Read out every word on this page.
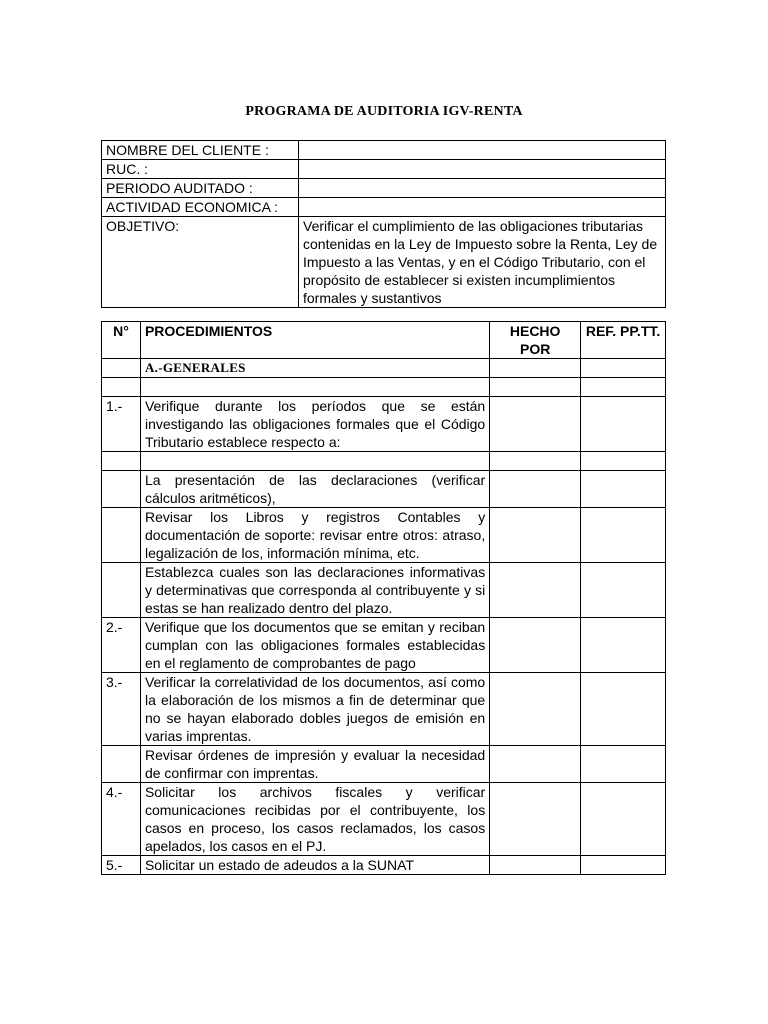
PROGRAMA DE AUDITORIA IGV-RENTA
NOMBRE DEL CLIENTE :	
RUC. :	
PERIODO AUDITADO :	
ACTIVIDAD ECONOMICA :	
OBJETIVO:	Verificar el cumplimiento de las obligaciones tributarias contenidas en la Ley de Impuesto sobre la Renta, Ley de Impuesto a las Ventas, y en el Código Tributario, con el propósito de establecer si existen incumplimientos formales y sustantivos
N°	PROCEDIMIENTOS	HECHO POR	REF. PP.TT.
	A.-GENERALES		

1.-	Verifique durante los períodos que se están investigando las obligaciones formales que el Código Tributario establece respecto a:		

	La presentación de las declaraciones (verificar cálculos aritméticos),		
	Revisar los Libros y registros Contables y documentación de soporte: revisar entre otros: atraso, legalización de los, información mínima, etc.		
	Establezca cuales son las declaraciones informativas y determinativas que corresponda al contribuyente y si estas se han realizado dentro del plazo.		
2.-	Verifique que los documentos que se emitan y reciban cumplan con las obligaciones formales establecidas en el reglamento de comprobantes de pago		
3.-	Verificar la correlatividad de los documentos, así como la elaboración de los mismos a fin de determinar que no se hayan elaborado dobles juegos de emisión en varias imprentas.		
	Revisar órdenes de impresión y evaluar la necesidad de confirmar con imprentas.		
4.-	Solicitar los archivos fiscales y verificar comunicaciones recibidas por el contribuyente, los casos en proceso, los casos reclamados, los casos apelados, los casos en el PJ.		
5.-	Solicitar un estado de adeudos a la SUNAT		
